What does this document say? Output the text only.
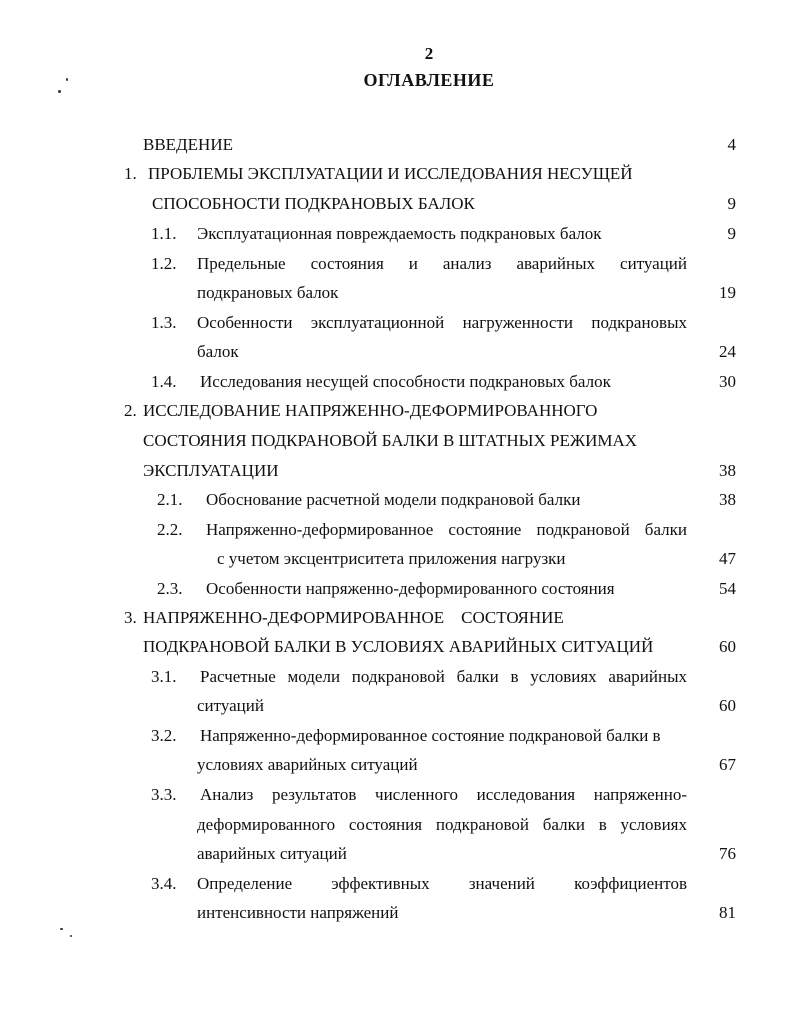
2
ОГЛАВЛЕНИЕ
ВВЕДЕНИЕ	4
1. ПРОБЛЕМЫ ЭКСПЛУАТАЦИИ И ИССЛЕДОВАНИЯ НЕСУЩЕЙ
СПОСОБНОСТИ ПОДКРАНОВЫХ БАЛОК	9
1.1. Эксплуатационная повреждаемость подкрановых балок	9
1.2. Предельные состояния и анализ аварийных ситуаций
подкрановых балок	19
1.3. Особенности эксплуатационной нагруженности подкрановых
балок	24
1.4. Исследования несущей способности подкрановых балок	30
2. ИССЛЕДОВАНИЕ НАПРЯЖЕННО-ДЕФОРМИРОВАННОГО
СОСТОЯНИЯ ПОДКРАНОВОЙ БАЛКИ В ШТАТНЫХ РЕЖИМАХ
ЭКСПЛУАТАЦИИ	38
2.1. Обоснование расчетной модели подкрановой балки	38
2.2. Напряженно-деформированное состояние подкрановой балки
с учетом эксцентриситета приложения нагрузки	47
2.3. Особенности напряженно-деформированного состояния	54
3. НАПРЯЖЕННО-ДЕФОРМИРОВАННОЕ    СОСТОЯНИЕ
ПОДКРАНОВОЙ БАЛКИ В УСЛОВИЯХ АВАРИЙНЫХ СИТУАЦИЙ	60
3.1. Расчетные модели подкрановой балки в условиях аварийных
ситуаций	60
3.2. Напряженно-деформированное состояние подкрановой балки в
условиях аварийных ситуаций	67
3.3. Анализ результатов численного исследования напряженно-
деформированного состояния подкрановой балки в условиях
аварийных ситуаций	76
3.4. Определение эффективных значений коэффициентов
интенсивности напряжений	81
